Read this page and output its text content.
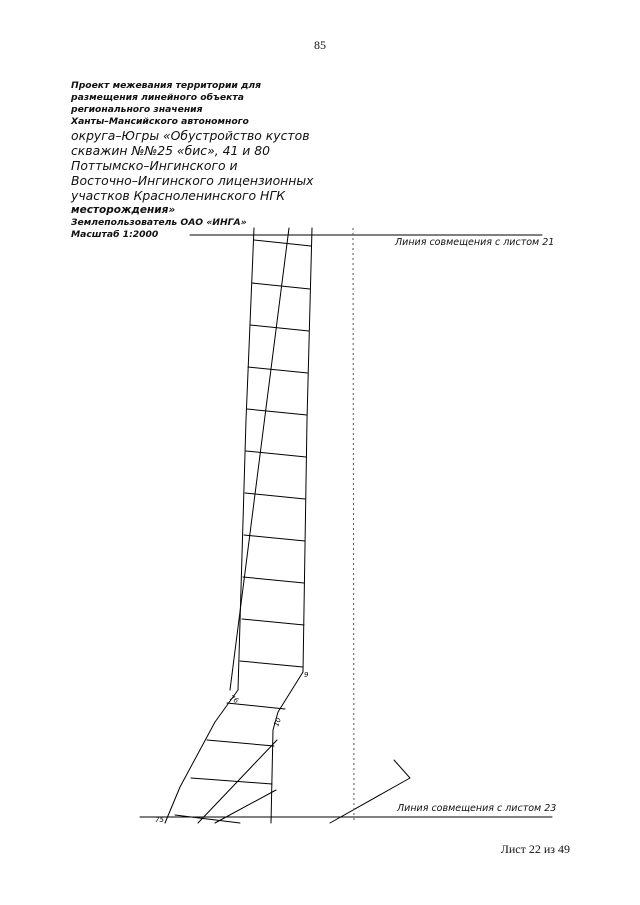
85
Проект межевания территории для
размещения линейного объекта
регионального значения
Ханты–Мансийского автономного
округа–Югры «Обустройство кустов
скважин №№25 «бис», 41 и 80
Поттымско–Ингинского и
Восточно–Ингинского лицензионных
участков Красноленинского НГК
месторождения»
Землепользователь ОАО «ИНГА»
Масштаб 1:2000
9
10
76
75
Линия совмещения с листом 21
Линия совмещения с листом 23
Лист 22 из 49
